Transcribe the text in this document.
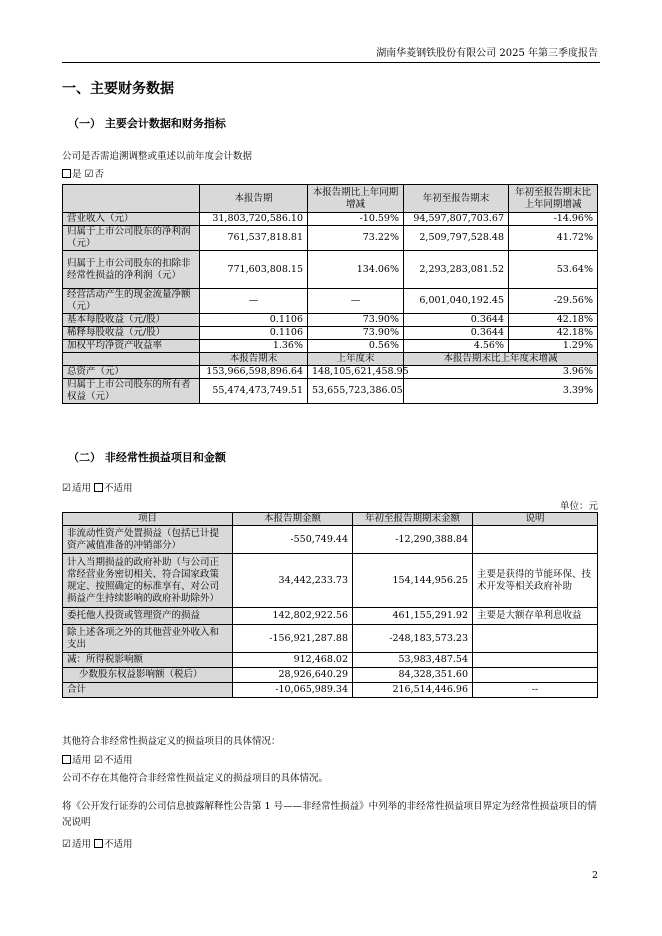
湖南华菱钢铁股份有限公司 2025 年第三季度报告
一、主要财务数据
（一） 主要会计数据和财务指标
公司是否需追溯调整或重述以前年度会计数据
是 ☑否
	本报告期	本报告期比上年同期增减	年初至报告期末	年初至报告期末比上年同期增减
营业收入（元）	31,803,720,586.10	-10.59%	94,597,807,703.67	-14.96%
归属于上市公司股东的净利润（元）	761,537,818.81	73.22%	2,509,797,528.48	41.72%
归属于上市公司股东的扣除非经常性损益的净利润（元）	771,603,808.15	134.06%	2,293,283,081.52	53.64%
经营活动产生的现金流量净额（元）	—	—	6,001,040,192.45	-29.56%
基本每股收益（元/股）	0.1106	73.90%	0.3644	42.18%
稀释每股收益（元/股）	0.1106	73.90%	0.3644	42.18%
加权平均净资产收益率	1.36%	0.56%	4.56%	1.29%
	本报告期末	上年度末	本报告期末比上年度末增减	
总资产（元）	153,966,598,896.64	148,105,621,458.95	3.96%	
归属于上市公司股东的所有者权益（元）	55,474,473,749.51	53,655,723,386.05	3.39%	
（二） 非经常性损益项目和金额
☑适用 不适用
单位：元
项目	本报告期金额	年初至报告期期末金额	说明
非流动性资产处置损益（包括已计提资产减值准备的冲销部分）	-550,749.44	-12,290,388.84	
计入当期损益的政府补助（与公司正常经营业务密切相关、符合国家政策规定、按照确定的标准享有、对公司损益产生持续影响的政府补助除外）	34,442,233.73	154,144,956.25	主要是获得的节能环保、技术开发等相关政府补助
委托他人投资或管理资产的损益	142,802,922.56	461,155,291.92	主要是大额存单利息收益
除上述各项之外的其他营业外收入和支出	-156,921,287.88	-248,183,573.23	
减：所得税影响额	912,468.02	53,983,487.54	
少数股东权益影响额（税后）	28,926,640.29	84,328,351.60	
合计	-10,065,989.34	216,514,446.96	--
其他符合非经常性损益定义的损益项目的具体情况：
适用 ☑不适用
公司不存在其他符合非经常性损益定义的损益项目的具体情况。
将《公开发行证券的公司信息披露解释性公告第 1 号——非经常性损益》中列举的非经常性损益项目界定为经常性损益项目的情况说明
☑适用 不适用
2
